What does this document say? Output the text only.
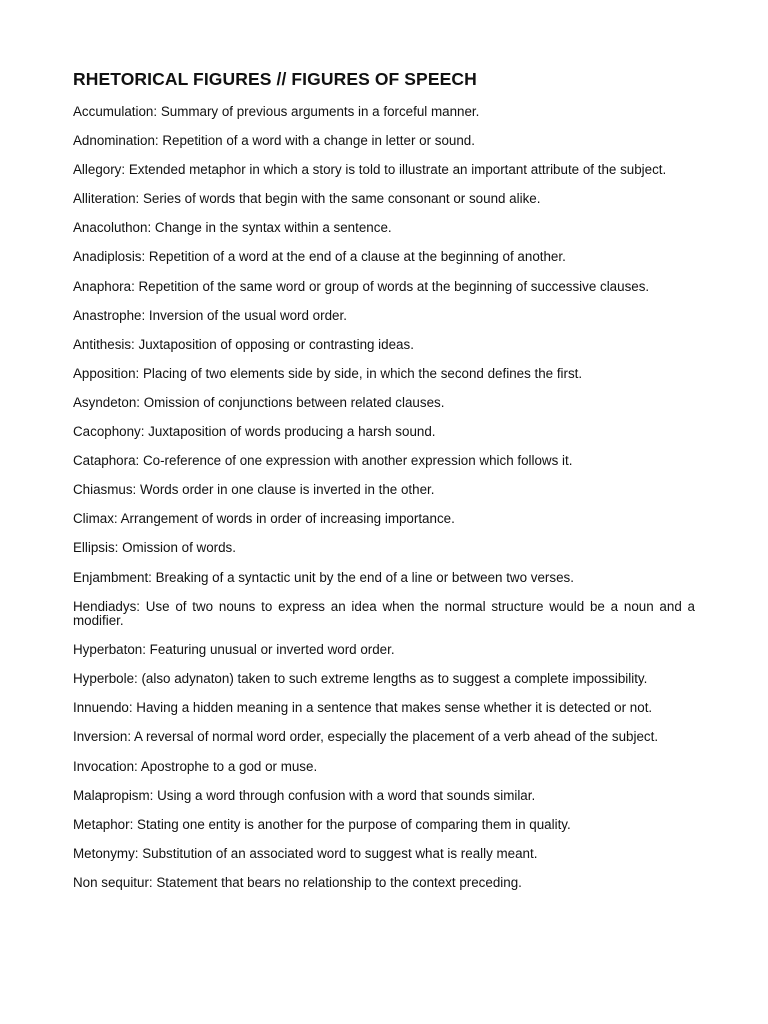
RHETORICAL FIGURES // FIGURES OF SPEECH
Accumulation: Summary of previous arguments in a forceful manner.
Adnomination: Repetition of a word with a change in letter or sound.
Allegory: Extended metaphor in which a story is told to illustrate an important attribute of the subject.
Alliteration: Series of words that begin with the same consonant or sound alike.
Anacoluthon: Change in the syntax within a sentence.
Anadiplosis: Repetition of a word at the end of a clause at the beginning of another.
Anaphora: Repetition of the same word or group of words at the beginning of successive clauses.
Anastrophe: Inversion of the usual word order.
Antithesis: Juxtaposition of opposing or contrasting ideas.
Apposition: Placing of two elements side by side, in which the second defines the first.
Asyndeton: Omission of conjunctions between related clauses.
Cacophony: Juxtaposition of words producing a harsh sound.
Cataphora: Co-reference of one expression with another expression which follows it.
Chiasmus: Words order in one clause is inverted in the other.
Climax: Arrangement of words in order of increasing importance.
Ellipsis: Omission of words.
Enjambment: Breaking of a syntactic unit by the end of a line or between two verses.
Hendiadys: Use of two nouns to express an idea when the normal structure would be a noun and a modifier.
Hyperbaton: Featuring unusual or inverted word order.
Hyperbole: (also adynaton) taken to such extreme lengths as to suggest a complete impossibility.
Innuendo: Having a hidden meaning in a sentence that makes sense whether it is detected or not.
Inversion: A reversal of normal word order, especially the placement of a verb ahead of the subject.
Invocation: Apostrophe to a god or muse.
Malapropism: Using a word through confusion with a word that sounds similar.
Metaphor: Stating one entity is another for the purpose of comparing them in quality.
Metonymy: Substitution of an associated word to suggest what is really meant.
Non sequitur: Statement that bears no relationship to the context preceding.
